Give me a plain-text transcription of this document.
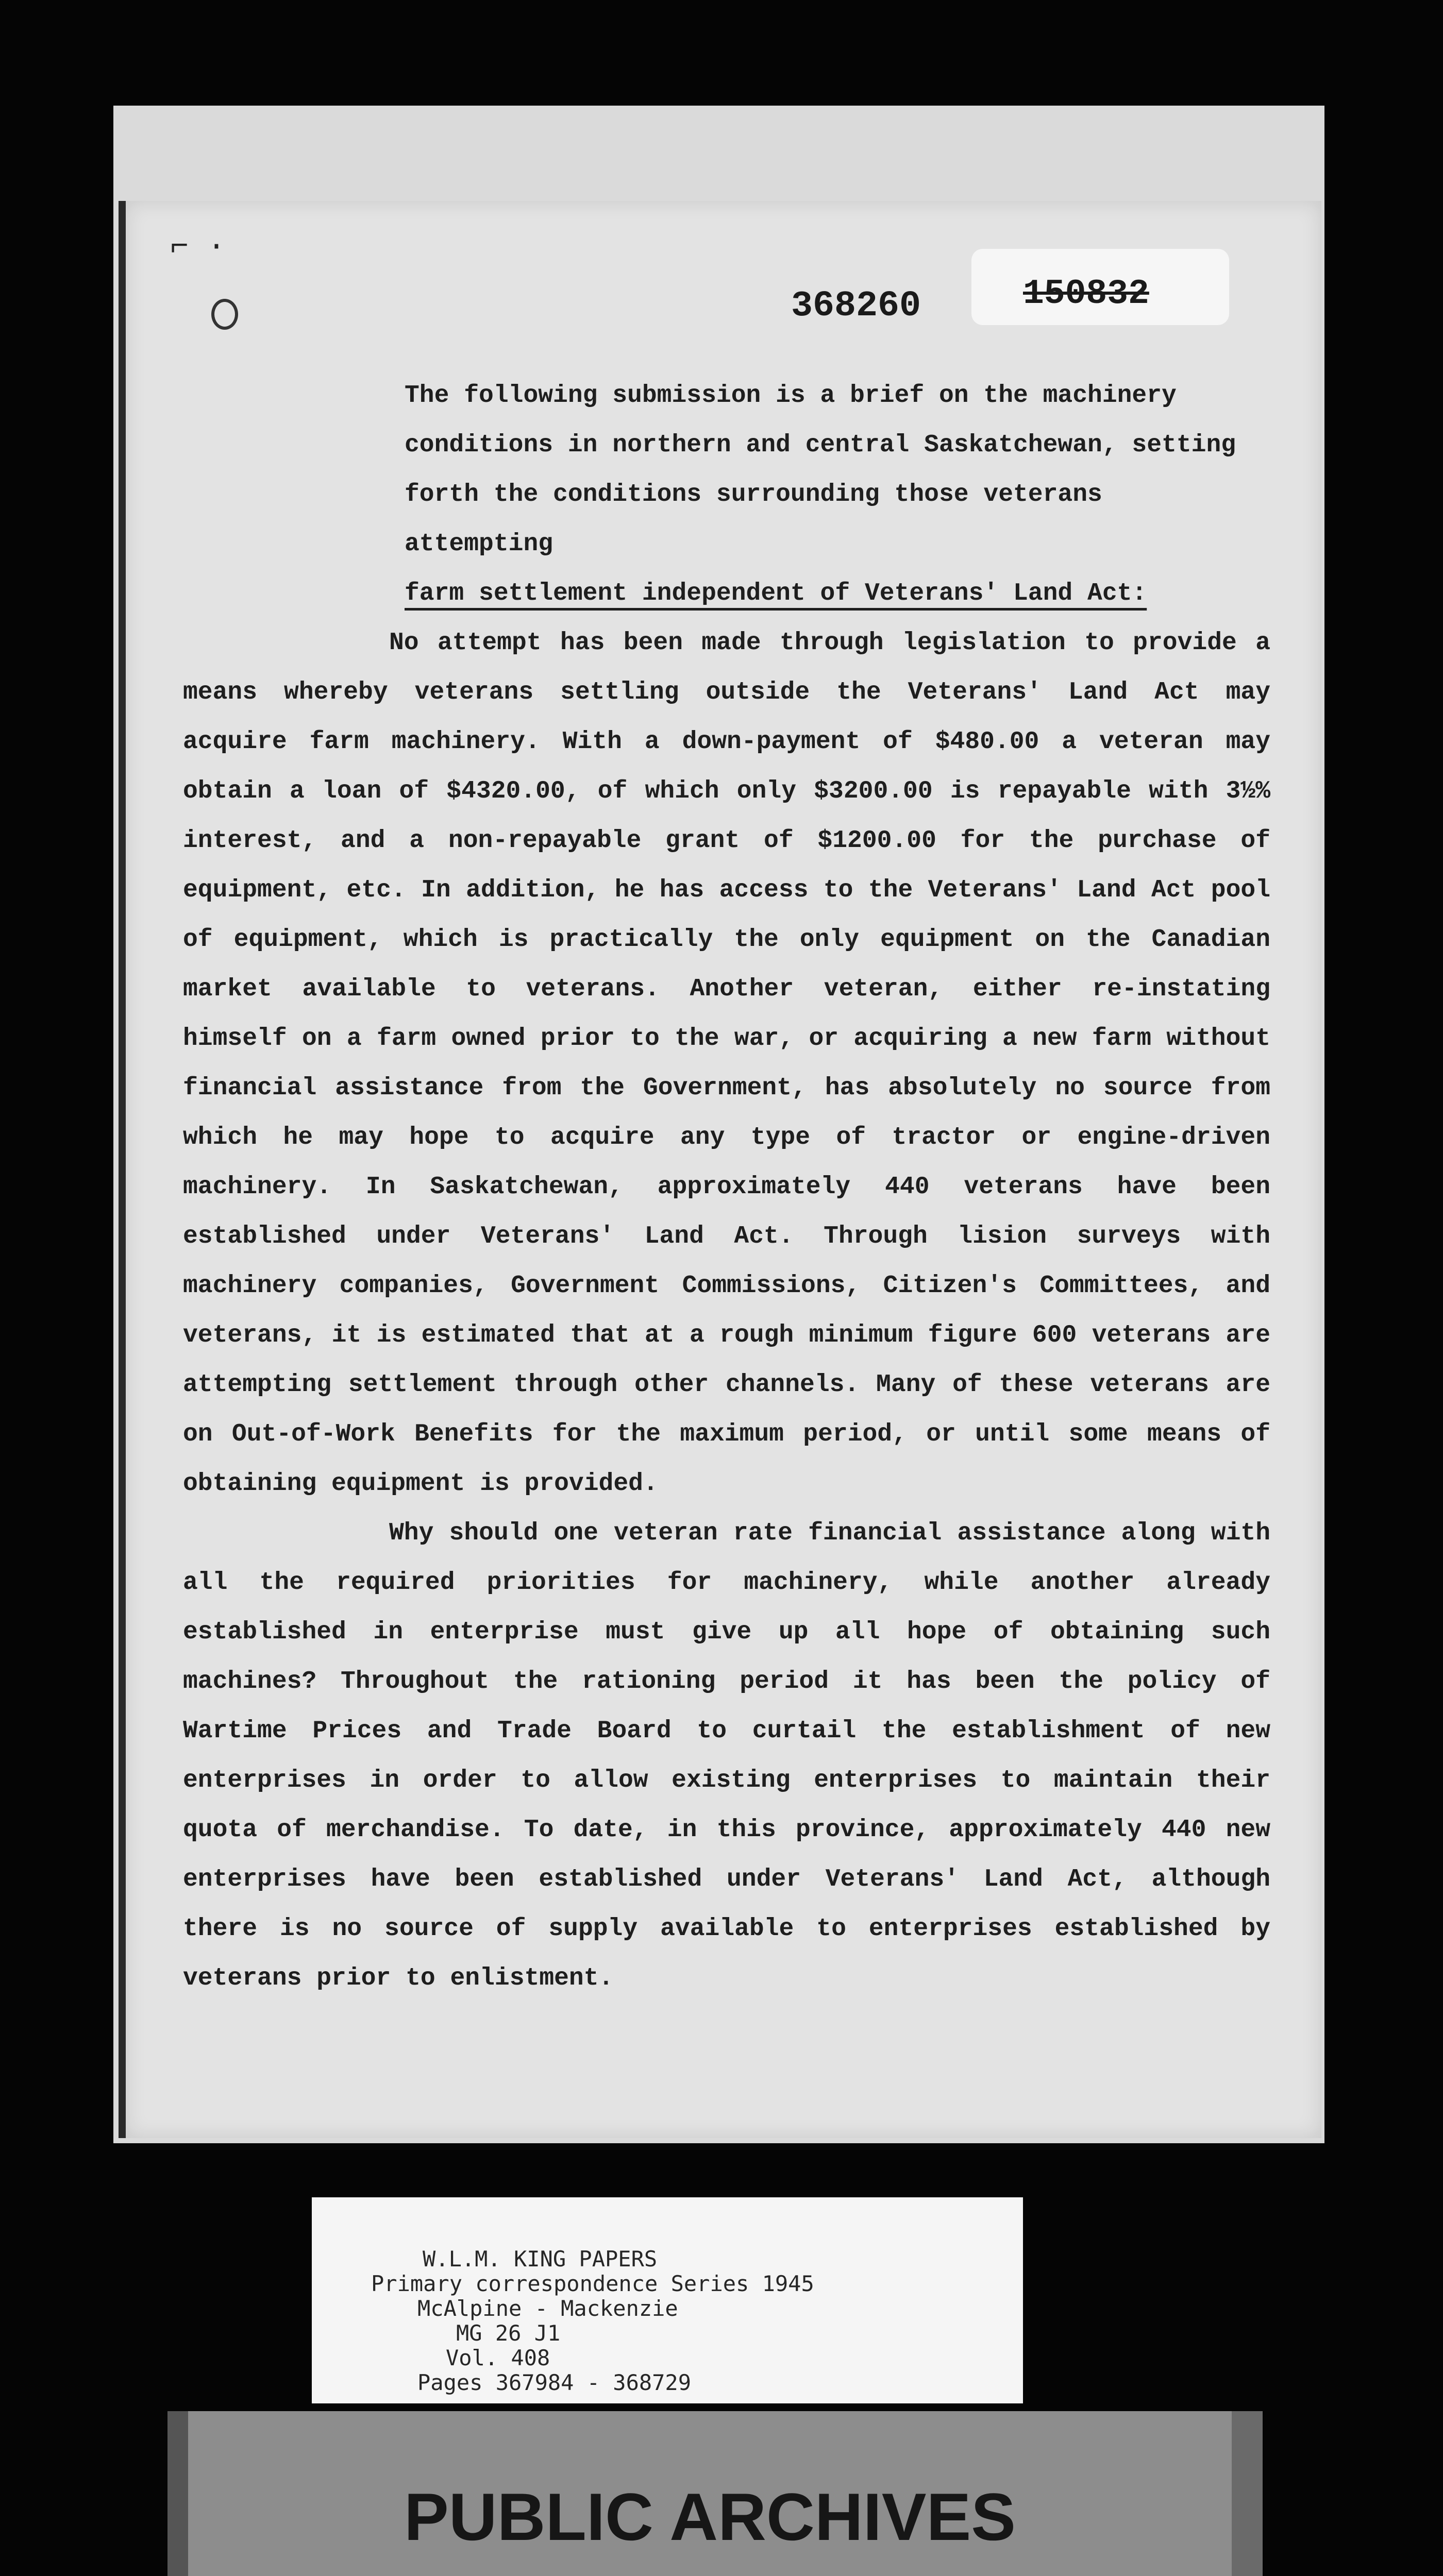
⌐ ·
368260	150832

The following submission is a brief on the machinery

conditions in northern and central Saskatchewan, setting

forth the conditions surrounding those veterans attempting

farm settlement independent of Veterans' Land Act:

No attempt has been made through legislation to provide a means whereby veterans settling outside the Veterans' Land Act may acquire farm machinery. With a down-payment of $480.00 a veteran may obtain a loan of $4320.00, of which only $3200.00 is repayable with 3½% interest, and a non-repayable grant of $1200.00 for the purchase of equipment, etc. In addition, he has access to the Veterans' Land Act pool of equipment, which is practically the only equipment on the Canadian market available to veterans. Another veteran, either re-instating himself on a farm owned prior to the war, or acquiring a new farm without financial assistance from the Government, has absolutely no source from which he may hope to acquire any type of tractor or engine-driven machinery. In Saskatchewan, approximately 440 veterans have been established under Veterans' Land Act. Through lision surveys with machinery companies, Government Commissions, Citizen's Committees, and veterans, it is estimated that at a rough minimum figure 600 veterans are attempting settlement through other channels. Many of these veterans are on Out-of-Work Benefits for the maximum period, or until some means of obtaining equipment is provided.

Why should one veteran rate financial assistance along with all the required priorities for machinery, while another already established in enterprise must give up all hope of obtaining such machines? Throughout the rationing period it has been the policy of Wartime Prices and Trade Board to curtail the establishment of new enterprises in order to allow existing enterprises to maintain their quota of merchandise. To date, in this province, approximately 440 new enterprises have been established under Veterans' Land Act, although there is no source of supply available to enterprises established by veterans prior to enlistment.

W.L.M. KING PAPERS
Primary correspondence Series 1945
McAlpine - Mackenzie
MG 26 J1
Vol. 408
Pages 367984 - 368729
PUBLIC ARCHIVES
